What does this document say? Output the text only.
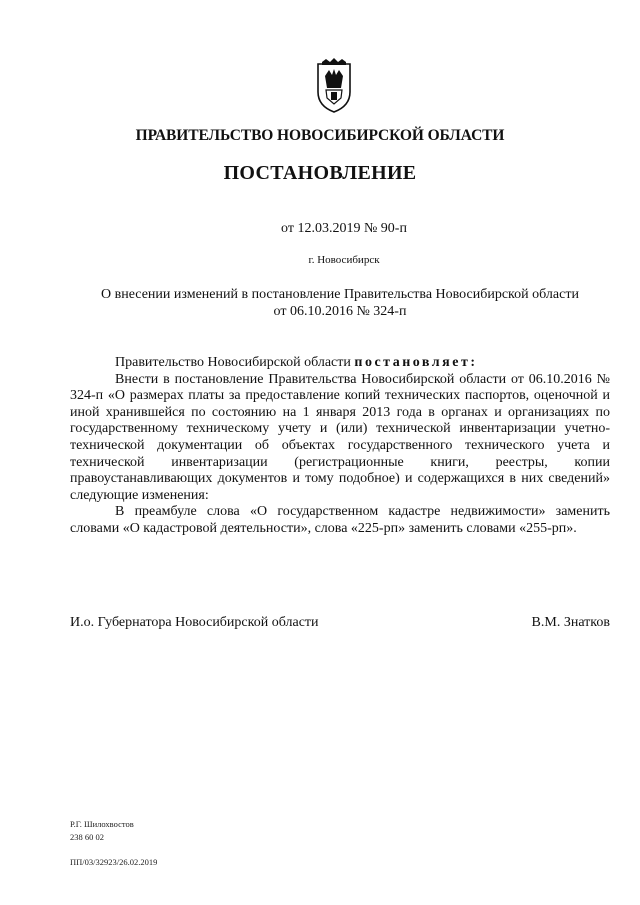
ПРАВИТЕЛЬСТВО НОВОСИБИРСКОЙ ОБЛАСТИ
ПОСТАНОВЛЕНИЕ
от 12.03.2019 № 90-п
г. Новосибирск
О внесении изменений в постановление Правительства Новосибирской области
от 06.10.2016 № 324-п

Правительство Новосибирской области постановляет:

Внести в постановление Правительства Новосибирской области от 06.10.2016 № 324-п «О размерах платы за предоставление копий технических паспортов, оценочной и иной хранившейся по состоянию на 1 января 2013 года в органах и организациях по государственному техническому учету и (или) технической инвентаризации учетно-технической документации об объектах государственного технического учета и технической инвентаризации (регистрационные книги, реестры, копии правоустанавливающих документов и тому подобное) и содержащихся в них сведений» следующие изменения:

В преамбуле слова «О государственном кадастре недвижимости» заменить словами «О кадастровой деятельности», слова «225-рп» заменить словами «255-рп».

И.о. Губернатора Новосибирской области	В.М. Знатков
Р.Г. Шилохвостов
238 60 02
ПП/03/32923/26.02.2019
